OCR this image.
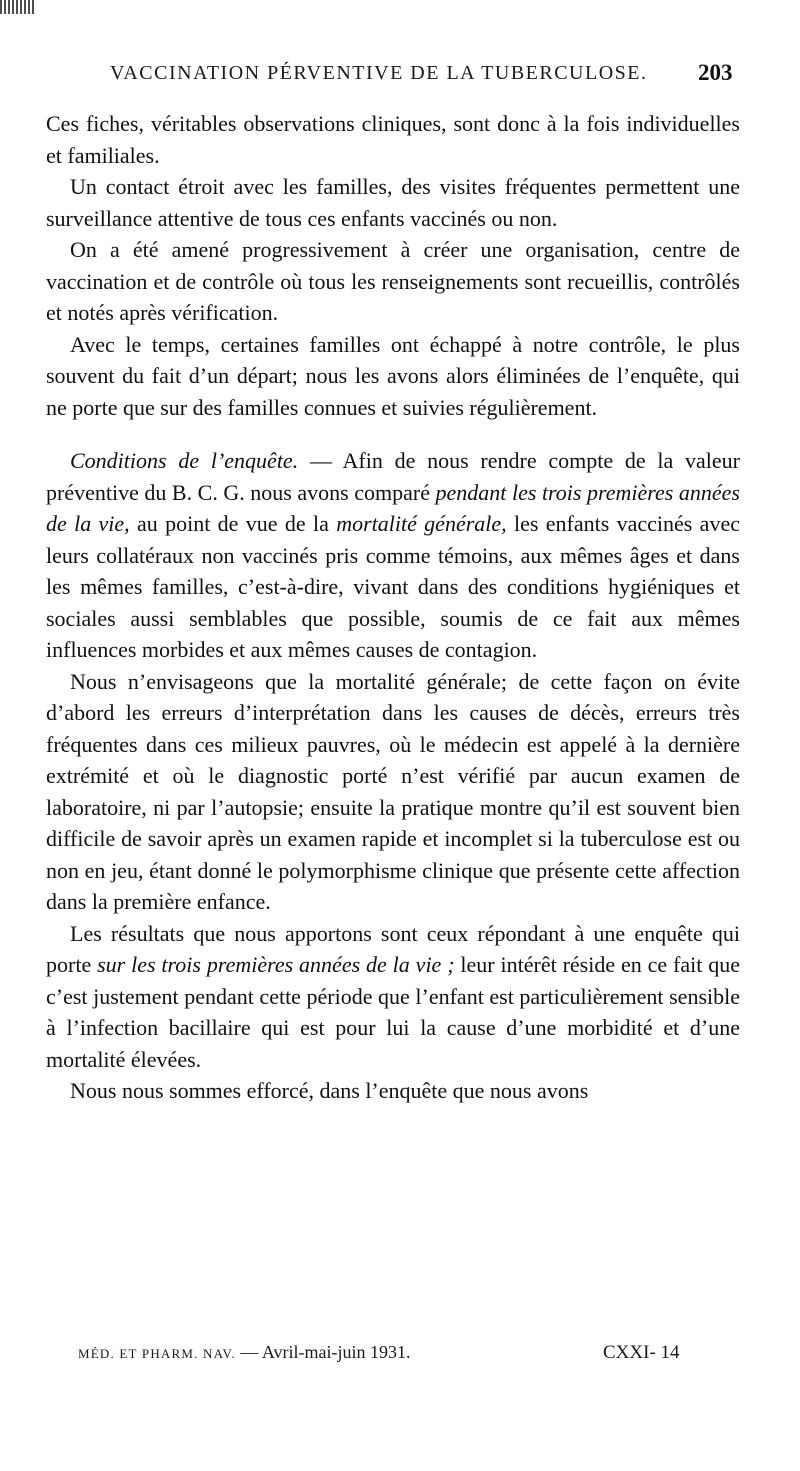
VACCINATION PÉRVENTIVE DE LA TUBERCULOSE. 203

Ces fiches, véritables observations cliniques, sont donc à la fois individuelles et familiales.

Un contact étroit avec les familles, des visites fréquentes permettent une surveillance attentive de tous ces enfants vaccinés ou non.

On a été amené progressivement à créer une organisation, centre de vaccination et de contrôle où tous les renseignements sont recueillis, contrôlés et notés après vérification.

Avec le temps, certaines familles ont échappé à notre contrôle, le plus souvent du fait d’un départ; nous les avons alors éliminées de l’enquête, qui ne porte que sur des familles connues et suivies régulièrement.

Conditions de l’enquête. — Afin de nous rendre compte de la valeur préventive du B. C. G. nous avons comparé pendant les trois premières années de la vie, au point de vue de la mortalité générale, les enfants vaccinés avec leurs collatéraux non vaccinés pris comme témoins, aux mêmes âges et dans les mêmes familles, c’est-à-dire, vivant dans des conditions hygiéniques et sociales aussi semblables que possible, soumis de ce fait aux mêmes influences morbides et aux mêmes causes de contagion.

Nous n’envisageons que la mortalité générale; de cette façon on évite d’abord les erreurs d’interprétation dans les causes de décès, erreurs très fréquentes dans ces milieux pauvres, où le médecin est appelé à la dernière extrémité et où le diagnostic porté n’est vérifié par aucun examen de laboratoire, ni par l’autopsie; ensuite la pratique montre qu’il est souvent bien difficile de savoir après un examen rapide et incomplet si la tuberculose est ou non en jeu, étant donné le polymorphisme clinique que présente cette affection dans la première enfance.

Les résultats que nous apportons sont ceux répondant à une enquête qui porte sur les trois premières années de la vie ; leur intérêt réside en ce fait que c’est justement pendant cette période que l’enfant est particulièrement sensible à l’infection bacillaire qui est pour lui la cause d’une morbidité et d’une mortalité élevées.

Nous nous sommes efforcé, dans l’enquête que nous avons

MÉD. ET PHARM. NAV. — Avril-mai-juin 1931.	CXXI- 14
